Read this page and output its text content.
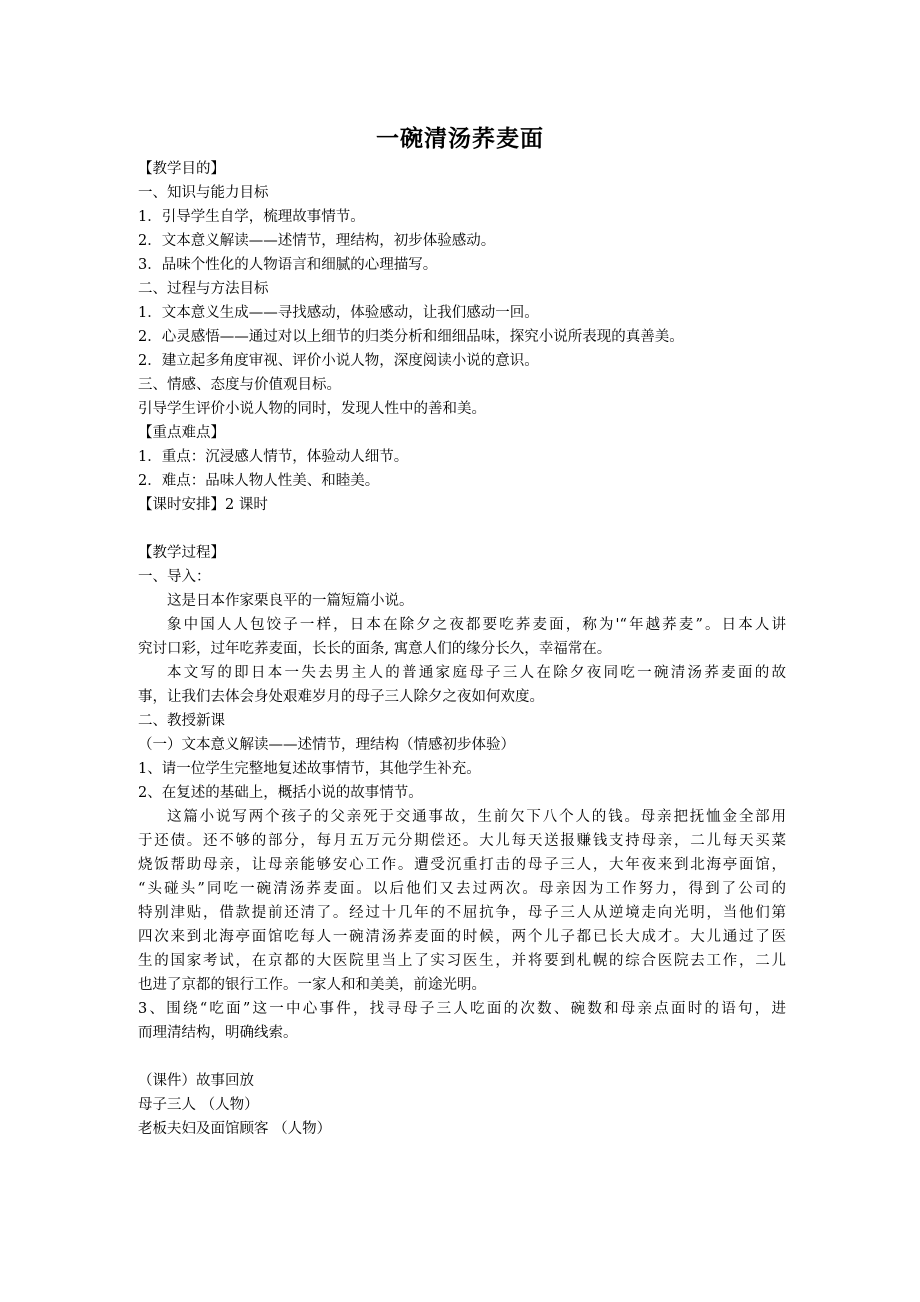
一碗清汤荞麦面
【教学目的】
一、知识与能力目标
1．引导学生自学，梳理故事情节。
2．文本意义解读——述情节，理结构，初步体验感动。
3．品味个性化的人物语言和细腻的心理描写。
二、过程与方法目标
1．文本意义生成——寻找感动，体验感动，让我们感动一回。
2．心灵感悟——通过对以上细节的归类分析和细细品味，探究小说所表现的真善美。
2．建立起多角度审视、评价小说人物，深度阅读小说的意识。
三、情感、态度与价值观目标。
引导学生评价小说人物的同时，发现人性中的善和美。
【重点难点】
1．重点：沉浸感人情节，体验动人细节。
2．难点：品味人物人性美、和睦美。
【课时安排】2 课时
【教学过程】
一、导入：
这是日本作家栗良平的一篇短篇小说。
象中国人人包饺子一样，日本在除夕之夜都要吃荞麦面，称为'“年越荞麦”。日本人讲
究讨口彩，过年吃荞麦面，长长的面条, 寓意人们的缘分长久，幸福常在。
本文写的即日本一失去男主人的普通家庭母子三人在除夕夜同吃一碗清汤荞麦面的故
事，让我们去体会身处艰难岁月的母子三人除夕之夜如何欢度。
二、教授新课
（一）文本意义解读——述情节，理结构（情感初步体验）
1、请一位学生完整地复述故事情节，其他学生补充。
2、在复述的基础上，概括小说的故事情节。
这篇小说写两个孩子的父亲死于交通事故，生前欠下八个人的钱。母亲把抚恤金全部用
于还债。还不够的部分，每月五万元分期偿还。大儿每天送报赚钱支持母亲，二儿每天买菜
烧饭帮助母亲，让母亲能够安心工作。遭受沉重打击的母子三人，大年夜来到北海亭面馆，
“头碰头”同吃一碗清汤荞麦面。以后他们又去过两次。母亲因为工作努力，得到了公司的
特别津贴，借款提前还清了。经过十几年的不屈抗争，母子三人从逆境走向光明，当他们第
四次来到北海亭面馆吃每人一碗清汤荞麦面的时候，两个儿子都已长大成才。大儿通过了医
生的国家考试，在京都的大医院里当上了实习医生，并将要到札幌的综合医院去工作，二儿
也进了京都的银行工作。一家人和和美美，前途光明。
3、围绕“吃面”这一中心事件，找寻母子三人吃面的次数、碗数和母亲点面时的语句，进
而理清结构，明确线索。
（课件）故事回放
母子三人 （人物）
老板夫妇及面馆顾客 （人物）
